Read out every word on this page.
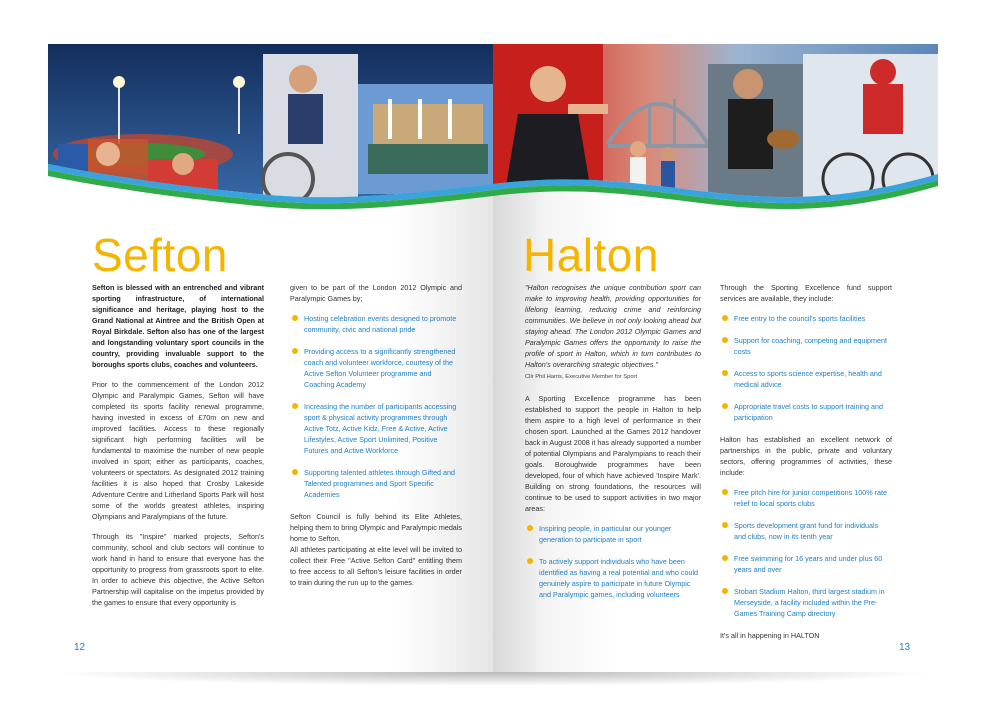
Sefton	Halton

Sefton is blessed with an entrenched and vibrant sporting infrastructure, of international significance and heritage, playing host to the Grand National at Aintree and the British Open at Royal Birkdale. Sefton also has one of the largest and longstanding voluntary sport councils in the country, providing invaluable support to the boroughs sports clubs, coaches and volunteers.

Prior to the commencement of the London 2012 Olympic and Paralympic Games, Sefton will have completed its sports facility renewal programme, having invested in excess of £70m on new and improved facilities. Access to these regionally significant high performing facilities will be fundamental to maximise the number of new people involved in sport; either as participants, coaches, volunteers or spectators. As designated 2012 training facilities it is also hoped that Crosby Lakeside Adventure Centre and Litherland Sports Park will host some of the worlds greatest athletes, inspiring Olympians and Paralympians of the future.

Through its "Inspire" marked projects, Sefton's community, school and club sectors will continue to work hand in hand to ensure that everyone has the opportunity to progress from grassroots sport to elite. In order to achieve this objective, the Active Sefton Partnership will capitalise on the impetus provided by the games to ensure that every opportunity is

given to be part of the London 2012 Olympic and Paralympic Games by;

Hosting celebration events designed to promote community, civic and national pride
Providing access to a significantly strengthened coach and volunteer workforce, courtesy of the Active Sefton Volunteer programme and Coaching Academy
Increasing the number of participants accessing sport & physical activity programmes through Active Totz, Active Kidz, Free & Active, Active Lifestyles, Active Sport Unlimited, Positive Futures and Active Workforce
Supporting talented athletes through Gifted and Talented programmes and Sport Specific Academies

Sefton Council is fully behind its Elite Athletes, helping them to bring Olympic and Paralympic medals home to Sefton.

All athletes participating at elite level will be invited to collect their Free "Active Sefton Card" entitling them to free access to all Sefton's leisure facilities in order to train during the run up to the games.

12

"Halton recognises the unique contribution sport can make to improving health, providing opportunities for lifelong learning, reducing crime and reinforcing communities. We believe in not only looking ahead but staying ahead. The London 2012 Olympic Games and Paralympic Games offers the opportunity to raise the profile of sport in Halton, which in turn contributes to Halton's overarching strategic objectives."

Cllr Phil Harris, Executive Member for Sport

A Sporting Excellence programme has been established to support the people in Halton to help them aspire to a high level of performance in their chosen sport. Launched at the Games 2012 handover back in August 2008 it has already supported a number of potential Olympians and Paralympians to reach their goals. Boroughwide programmes have been developed, four of which have achieved 'Inspire Mark'. Building on strong foundations, the resources will continue to be used to support activities in two major areas:

Inspiring people, in particular our younger generation to participate in sport
To actively support individuals who have been identified as having a real potential and who could genuinely aspire to participate in future Olympic and Paralympic games, including volunteers

Through the Sporting Excellence fund support services are available, they include:

Free entry to the council's sports facilities
Support for coaching, competing and equipment costs
Access to sports science expertise, health and medical advice
Appropriate travel costs to support training and participation

Halton has established an excellent network of partnerships in the public, private and voluntary sectors, offering programmes of activities, these include:

Free pitch hire for junior competitions 100% rate relief to local sports clubs
Sports development grant fund for individuals and clubs, now in its tenth year
Free swimming for 16 years and under plus 60 years and over
Stobart Stadium Halton, third largest stadium in Merseyside, a facility included within the Pre-Games Training Camp directory

It's all in happening in HALTON

13
